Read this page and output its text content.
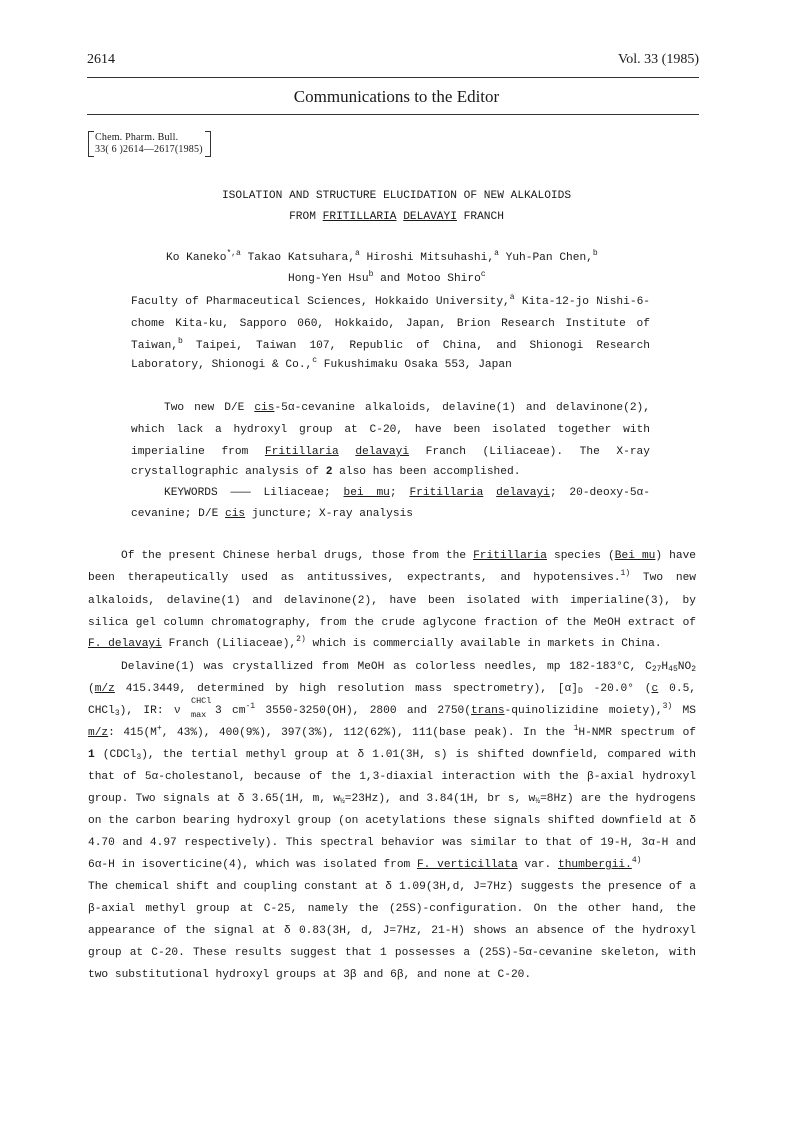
2614	Vol. 33 (1985)
Communications to the Editor
Chem. Pharm. Bull.
33( 6 )2614—2617(1985)
ISOLATION AND STRUCTURE ELUCIDATION OF NEW ALKALOIDS
FROM FRITILLARIA DELAVAYI FRANCH
Ko Kaneko$^{*,a}$ Takao Katsuhara,$^a$ Hiroshi Mitsuhashi,$^a$ Yuh-Pan Chen,$^b$
Hong-Yen Hsu$^b$ and Motoo Shiro$^c$
Faculty of Pharmaceutical Sciences, Hokkaido University,$^a$ Kita-12-jo Nishi-6-
chome Kita-ku, Sapporo 060, Hokkaido, Japan, Brion Research Institute of
Taiwan,$^b$ Taipei, Taiwan 107, Republic of China, and Shionogi Research
Laboratory, Shionogi & Co.,$^c$ Fukushimaku Osaka 553, Japan
Two new D/E cis-5α-cevanine alkaloids, delavine(1) and delavinone(2),
which lack a hydroxyl group at C-20, have been isolated together with
imperialine from Fritillaria delavayi Franch (Liliaceae). The X-ray
crystallographic analysis of 2 also has been accomplished.
KEYWORDS ——— Liliaceae; bei mu; Fritillaria delavayi; 20-deoxy-5α-
cevanine; D/E cis juncture; X-ray analysis
Of the present Chinese herbal drugs, those from the Fritillaria species (Bei mu) have
been therapeutically used as antitussives, expectrants, and hypotensives.$^{1)}$ Two new
alkaloids, delavine(1) and delavinone(2), have been isolated with imperialine(3), by
silica gel column chromatography, from the crude aglycone fraction of the MeOH extract of
F. delavayi Franch (Liliaceae),$^{2)}$ which is commercially available in markets in China.
Delavine(1) was crystallized from MeOH as colorless needles, mp 182-183°C, $C_{27}H_{45}NO_2$
(m/z 415.3449, determined by high resolution mass spectrometry), $[\alpha]_D$ -20.0° (c 0.5,
CHCl$_3$), IR: ν
CHCl
$_{max}$ 3 $cm^{-1}$ 3550-3250(OH), 2800 and 2750(trans-quinolizidine moiety),$^{3)}$ MS
m/z: 415(M+, 43%), 400(9%), 397(3%), 112(62%), 111(base peak). In the $^1$H-NMR spectrum of
1 (CDCl$_3$), the tertial methyl group at δ 1.01(3H, s) is shifted downfield, compared with
that of 5α-cholestanol, because of the 1,3-diaxial interaction with the β-axial hydroxyl
group. Two signals at δ 3.65(1H, m, $w_{\frac{1}{2}}=23Hz$), and 3.84(1H, br s, $w_{\frac{1}{2}}=8Hz$) are the hydrogens
on the carbon bearing hydroxyl group (on acetylations these signals shifted downfield at δ
4.70 and 4.97 respectively). This spectral behavior was similar to that of 19-H, 3α-H and
6α-H in isoverticine(4), which was isolated from F. verticillata var. thumbergii.$^{4)}$
The chemical shift and coupling constant at δ 1.09(3H,d, J=7Hz) suggests the presence of a
β-axial methyl group at C-25, namely the (25S)-configuration. On the other hand, the
appearance of the signal at δ 0.83(3H, d, J=7Hz, 21-H) shows an absence of the hydroxyl
group at C-20. These results suggest that 1 possesses a (25S)-5α-cevanine skeleton, with
two substitutional hydroxyl groups at 3β and 6β, and none at C-20.
